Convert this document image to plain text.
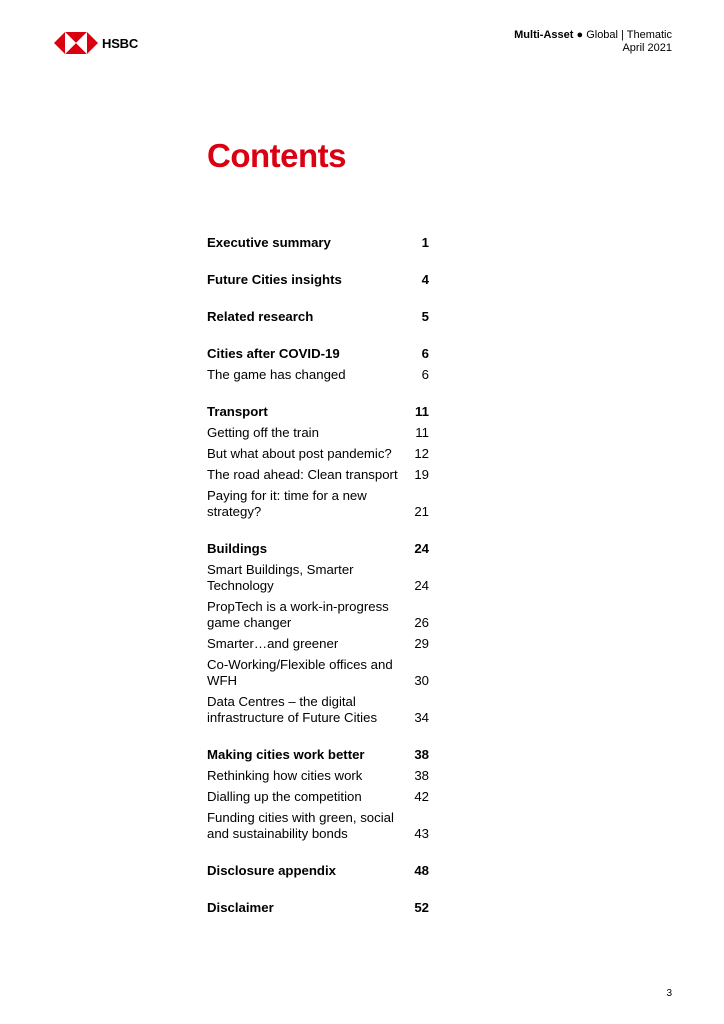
HSBC
Multi-Asset ● Global | Thematic
April 2021
Contents
Executive summary	1
Future Cities insights	4
Related research	5
Cities after COVID-19	6
The game has changed	6
Transport	11
Getting off the train	11
But what about post pandemic?	12
The road ahead: Clean transport	19
Paying for it: time for a new strategy?	21
Buildings	24
Smart Buildings, Smarter Technology	24
PropTech is a work-in-progress game changer	26
Smarter…and greener	29
Co-Working/Flexible offices and WFH	30
Data Centres – the digital infrastructure of Future Cities	34
Making cities work better	38
Rethinking how cities work	38
Dialling up the competition	42
Funding cities with green, social and sustainability bonds	43
Disclosure appendix	48
Disclaimer	52
3
